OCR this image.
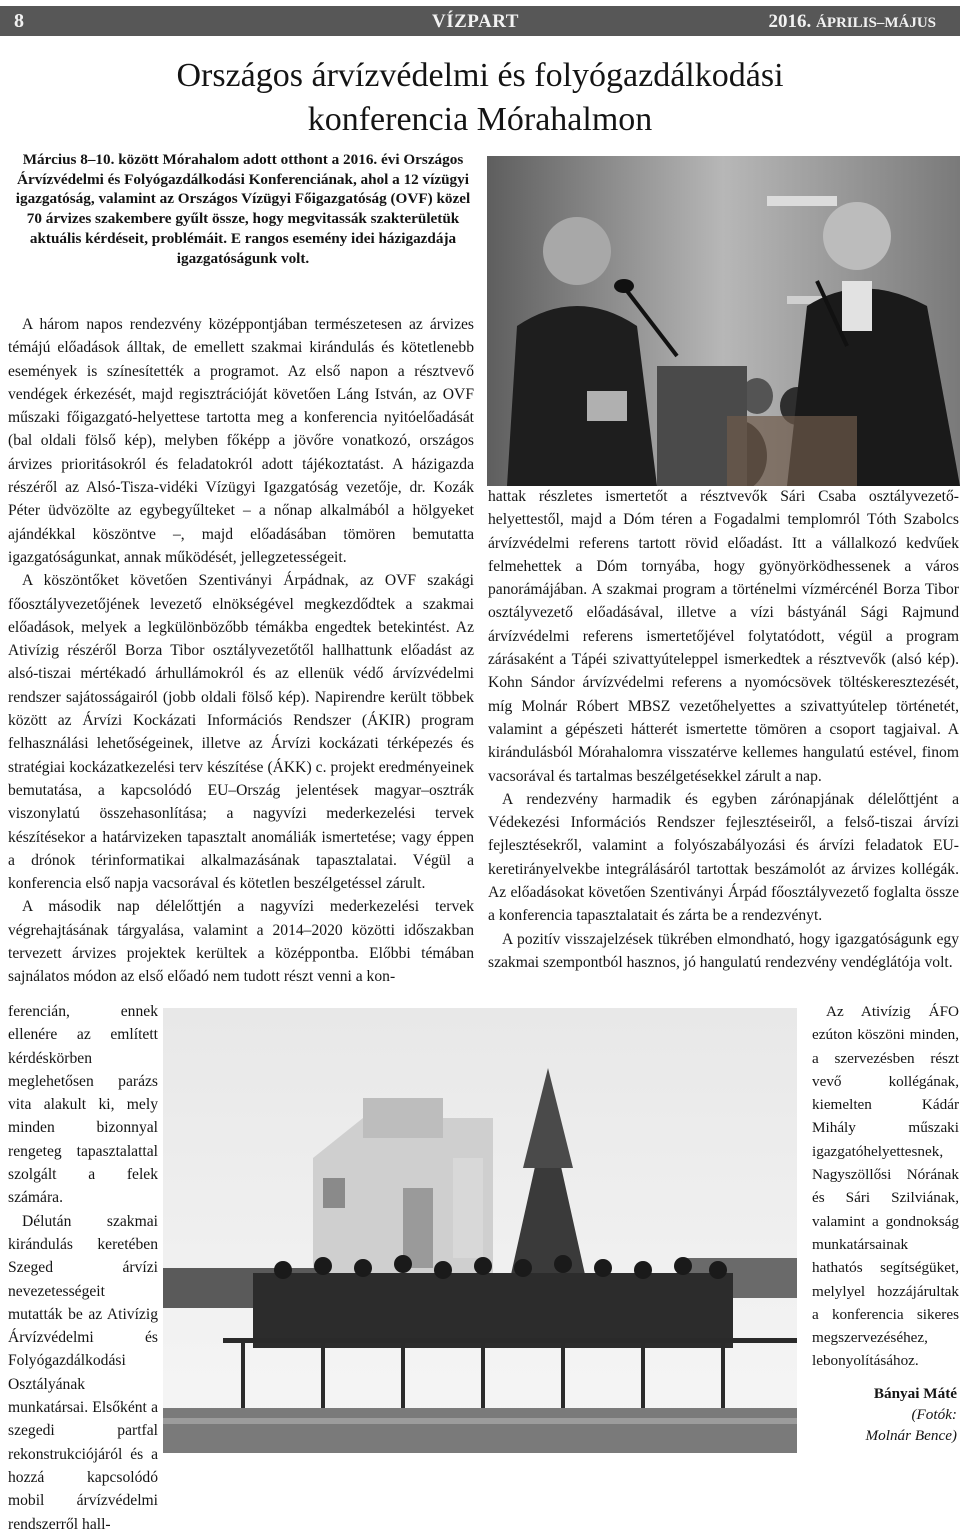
8	VÍZPART	2016. ÁPRILIS–MÁJUS
Országos árvízvédelmi és folyógazdálkodási
konferencia Mórahalmon

Március 8–10. között Mórahalom adott otthont a 2016. évi Országos Árvízvédelmi és Folyógazdálkodási Konferenciának, ahol a 12 vízügyi igazgatóság, valamint az Országos Vízügyi Főigazgatóság (OVF) közel 70 árvizes szakembere gyűlt össze, hogy megvitassák szakterületük aktuális kérdéseit, problémáit. E rangos esemény idei házigazdája igazgatóságunk volt.

A három napos rendezvény középpontjában természetesen az árvizes témájú előadások álltak, de emellett szakmai kirándulás és kötetlenebb események is színesítették a programot. Az első napon a résztvevő vendégek érkezését, majd regisztrációját követően Láng István, az OVF műszaki főigazgató-helyettese tartotta meg a konferencia nyitóelőadását (bal oldali fölső kép), melyben főképp a jövőre vonatkozó, országos árvizes prioritásokról és feladatokról adott tájékoztatást. A házigazda részéről az Alsó-Tisza-vidéki Vízügyi Igazgatóság vezetője, dr. Kozák Péter üdvözölte az egybegyűlteket – a nőnap alkalmából a hölgyeket ajándékkal köszöntve –, majd előadásában tömören bemutatta igazgatóságunkat, annak működését, jellegzetességeit.

A köszöntőket követően Szentiványi Árpádnak, az OVF szakági főosztályvezetőjének levezető elnökségével megkezdődtek a szakmai előadások, melyek a legkülönbözőbb témákba engedtek betekintést. Az Ativízig részéről Borza Tibor osztályvezetőtől hallhattunk előadást az alsó-tiszai mértékadó árhullámokról és az ellenük védő árvízvédelmi rendszer sajátosságairól (jobb oldali fölső kép). Napirendre került többek között az Árvízi Kockázati Információs Rendszer (ÁKIR) program felhasználási lehetőségeinek, illetve az Árvízi kockázati térképezés és stratégiai kockázatkezelési terv készítése (ÁKK) c. projekt eredményeinek bemutatása, a kapcsolódó EU–Ország jelentések magyar–osztrák viszonylatú összehasonlítása; a nagyvízi mederkezelési tervek készítésekor a határvizeken tapasztalt anomáliák ismertetése; vagy éppen a drónok térinformatikai alkalmazásának tapasztalatai. Végül a konferencia első napja vacsorával és kötetlen beszélgetéssel zárult.

A második nap délelőttjén a nagyvízi mederkezelési tervek végrehajtásának tárgyalása, valamint a 2014–2020 közötti időszakban tervezett árvizes projektek kerültek a középpontba. Előbbi témában sajnálatos módon az első előadó nem tudott részt venni a kon-

hattak részletes ismertetőt a résztvevők Sári Csaba osztályvezető-helyettestől, majd a Dóm téren a Fogadalmi templomról Tóth Szabolcs árvízvédelmi referens tartott rövid előadást. Itt a vállalkozó kedvűek felmehettek a Dóm tornyába, hogy gyönyörködhessenek a város panorámájában. A szakmai program a történelmi vízmércénél Borza Tibor osztályvezető előadásával, illetve a vízi bástyánál Sági Rajmund árvízvédelmi referens ismertetőjével folytatódott, végül a program zárásaként a Tápéi szivattyúteleppel ismerkedtek a résztvevők (alsó kép). Kohn Sándor árvízvédelmi referens a nyomócsövek töltéskeresztezését, míg Molnár Róbert MBSZ vezetőhelyettes a szivattyútelep történetét, valamint a gépészeti hátterét ismertette tömören a csoport tagjaival. A kirándulásból Mórahalomra visszatérve kellemes hangulatú estével, finom vacsorával és tartalmas beszélgetésekkel zárult a nap.

A rendezvény harmadik és egyben zárónapjának délelőttjént a Védekezési Információs Rendszer fejlesztéseiről, a felső-tiszai árvízi fejlesztésekről, valamint a folyószabályozási és árvízi feladatok EU-keretirányelvekbe integrálásáról tartottak beszámolót az árvizes kollégák. Az előadásokat követően Szentiványi Árpád főosztályvezető foglalta össze a konferencia tapasztalatait és zárta be a rendezvényt.

A pozitív visszajelzések tükrében elmondható, hogy igazgatóságunk egy szakmai szempontból hasznos, jó hangulatú rendezvény vendéglátója volt.

ferencián, ennek ellenére az említett kérdéskörben meglehetősen parázs vita alakult ki, mely minden bizonnyal rengeteg tapasztalattal szolgált a felek számára.

Délután szakmai kirándulás keretében Szeged árvízi nevezetességeit mutatták be az Ativízig Árvízvédelmi és Folyógazdálkodási Osztályának munkatársai. Elsőként a szegedi partfal rekonstrukciójáról és a hozzá kapcsolódó mobil árvízvédelmi rendszerről hall-

Az Ativízig ÁFO ezúton köszöni minden, a szervezésben részt vevő kollégának, kiemelten Kádár Mihály műszaki igazgatóhelyettesnek, Nagyszöllősi Nórának és Sári Szilviának, valamint a gondnokság munkatársainak hathatós segítségüket, melylyel hozzájárultak a konferencia sikeres megszervezéséhez, lebonyolításához.

Bányai Máté
(Fotók:
Molnár Bence)
